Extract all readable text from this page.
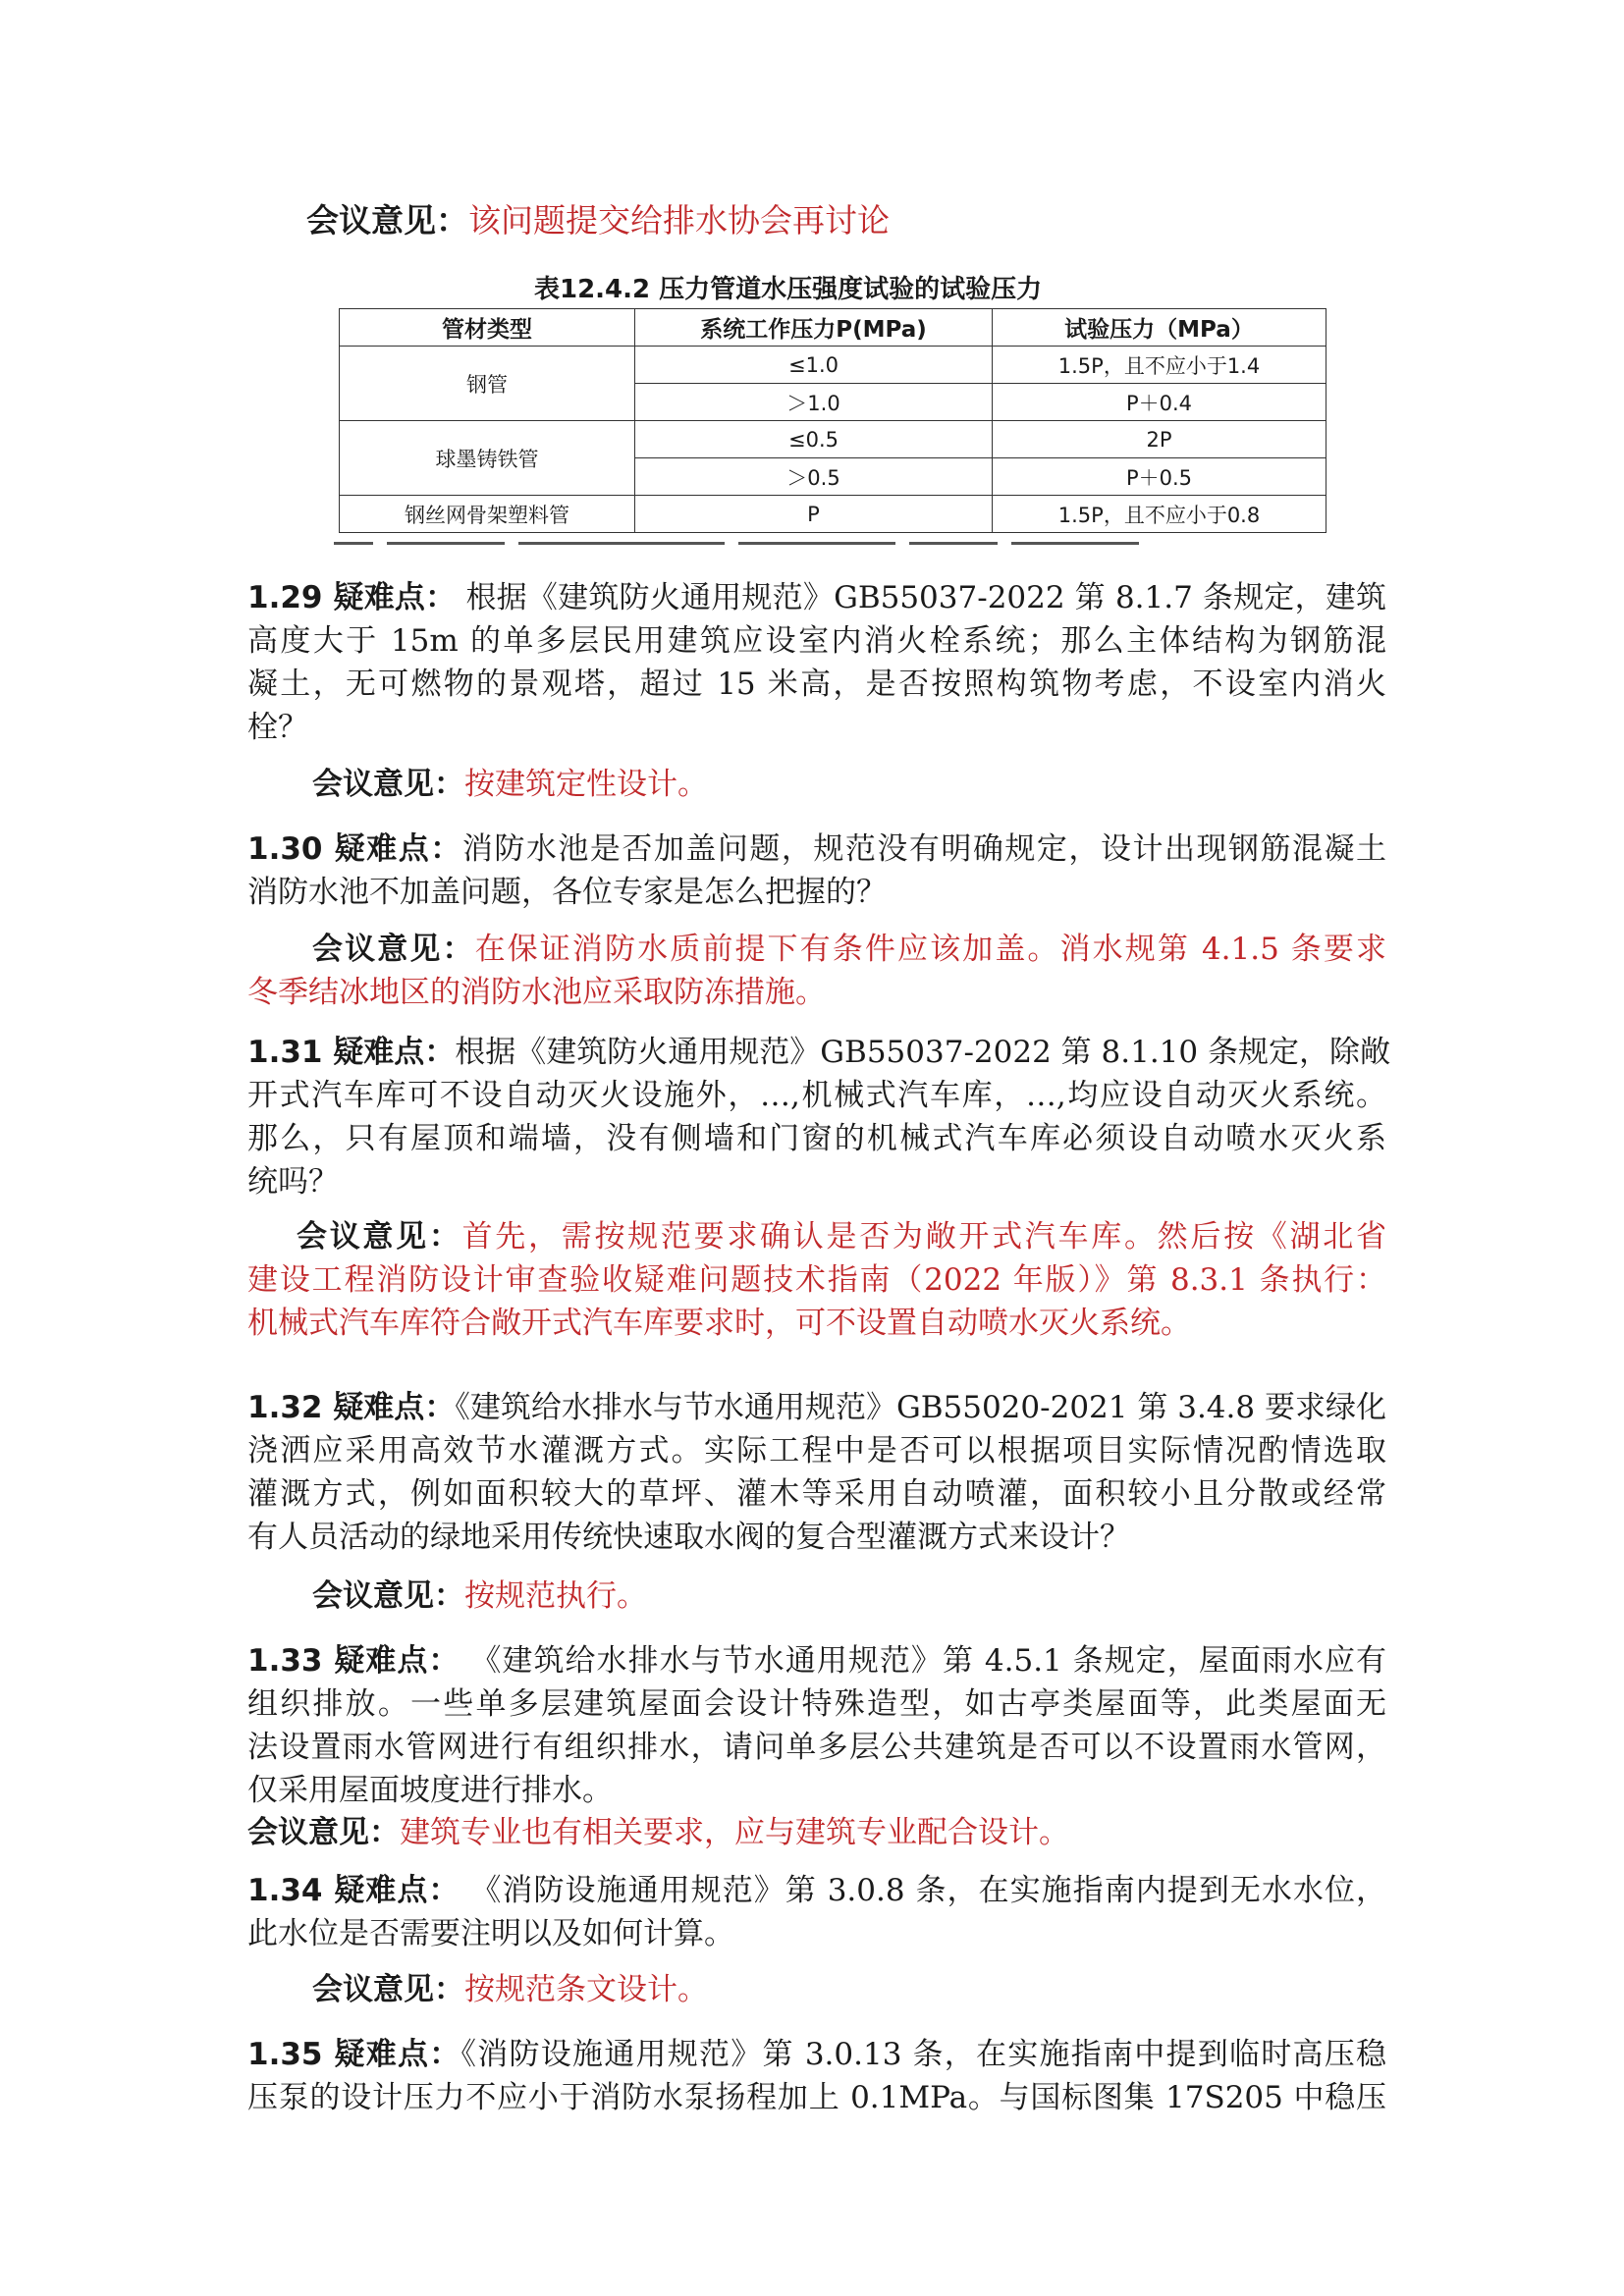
会议意见：该问题提交给排水协会再讨论
表12.4.2 压力管道水压强度试验的试验压力
管材类型	系统工作压力P(MPa)	试验压力（MPa）
钢管	≤1.0	1.5P，且不应小于1.4
	＞1.0	P＋0.4
球墨铸铁管	≤0.5	2P
	＞0.5	P＋0.5
钢丝网骨架塑料管	P	1.5P，且不应小于0.8
1.29 疑难点： 根据《建筑防火通用规范》GB55037-2022 第 8.1.7 条规定，建筑
高度大于 15m 的单多层民用建筑应设室内消火栓系统；那么主体结构为钢筋混
凝土，无可燃物的景观塔，超过 15 米高，是否按照构筑物考虑，不设室内消火
栓？
会议意见：按建筑定性设计。
1.30 疑难点：消防水池是否加盖问题，规范没有明确规定，设计出现钢筋混凝土
消防水池不加盖问题，各位专家是怎么把握的？
会议意见：在保证消防水质前提下有条件应该加盖。消水规第 4.1.5 条要求
冬季结冰地区的消防水池应采取防冻措施。
1.31 疑难点：根据《建筑防火通用规范》GB55037-2022 第 8.1.10 条规定，除敞
开式汽车库可不设自动灭火设施外，…,机械式汽车库，…,均应设自动灭火系统。
那么，只有屋顶和端墙，没有侧墙和门窗的机械式汽车库必须设自动喷水灭火系
统吗？
会议意见：首先，需按规范要求确认是否为敞开式汽车库。然后按《湖北省
建设工程消防设计审查验收疑难问题技术指南（2022 年版）》第 8.3.1 条执行：
机械式汽车库符合敞开式汽车库要求时，可不设置自动喷水灭火系统。
1.32 疑难点：《建筑给水排水与节水通用规范》GB55020-2021 第 3.4.8 要求绿化
浇洒应采用高效节水灌溉方式。实际工程中是否可以根据项目实际情况酌情选取
灌溉方式，例如面积较大的草坪、灌木等采用自动喷灌，面积较小且分散或经常
有人员活动的绿地采用传统快速取水阀的复合型灌溉方式来设计？
会议意见：按规范执行。
1.33 疑难点： 《建筑给水排水与节水通用规范》第 4.5.1 条规定，屋面雨水应有
组织排放。一些单多层建筑屋面会设计特殊造型，如古亭类屋面等，此类屋面无
法设置雨水管网进行有组织排水，请问单多层公共建筑是否可以不设置雨水管网，
仅采用屋面坡度进行排水。
会议意见：建筑专业也有相关要求，应与建筑专业配合设计。
1.34 疑难点： 《消防设施通用规范》第 3.0.8 条，在实施指南内提到无水水位，
此水位是否需要注明以及如何计算。
会议意见：按规范条文设计。
1.35 疑难点：《消防设施通用规范》第 3.0.13 条，在实施指南中提到临时高压稳
压泵的设计压力不应小于消防水泵扬程加上 0.1MPa。与国标图集 17S205 中稳压
